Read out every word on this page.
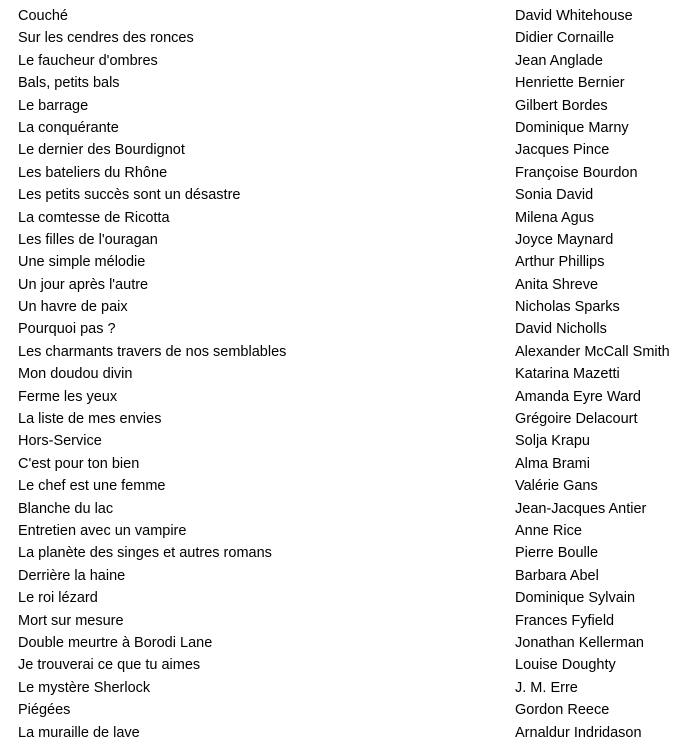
Couché	David Whitehouse
Sur les cendres des ronces	Didier Cornaille
Le faucheur d'ombres	Jean Anglade
Bals, petits bals	Henriette Bernier
Le barrage	Gilbert Bordes
La conquérante	Dominique Marny
Le dernier des Bourdignot	Jacques Pince
Les bateliers du Rhône	Françoise Bourdon
Les petits succès sont un désastre	Sonia David
La comtesse de Ricotta	Milena Agus
Les filles de l'ouragan	Joyce Maynard
Une simple mélodie	Arthur Phillips
Un jour après l'autre	Anita Shreve
Un havre de paix	Nicholas Sparks
Pourquoi pas ?	David Nicholls
Les charmants travers de nos semblables	Alexander McCall Smith
Mon doudou divin	Katarina Mazetti
Ferme les yeux	Amanda Eyre Ward
La liste de mes envies	Grégoire Delacourt
Hors-Service	Solja Krapu
C'est pour ton bien	Alma Brami
Le chef est une femme	Valérie Gans
Blanche du lac	Jean-Jacques Antier
Entretien avec un vampire	Anne Rice
La planète des singes et autres romans	Pierre Boulle
Derrière la haine	Barbara Abel
Le roi lézard	Dominique Sylvain
Mort sur mesure	Frances Fyfield
Double meurtre à Borodi Lane	Jonathan Kellerman
Je trouverai ce que tu aimes	Louise Doughty
Le mystère Sherlock	J. M. Erre
Piégées	Gordon Reece
La muraille de lave	Arnaldur Indridason
